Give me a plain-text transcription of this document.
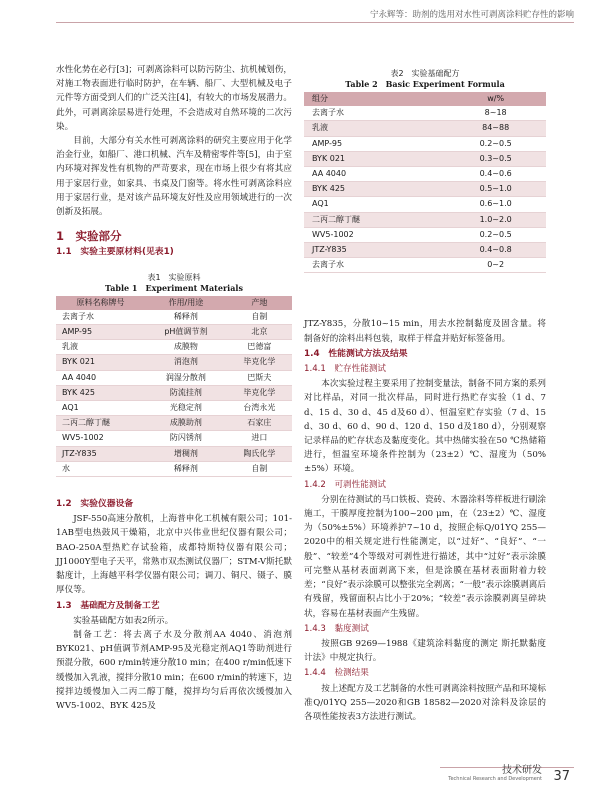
宁永辉等：助剂的选用对水性可剥离涂料贮存性的影响

水性化势在必行[3]；可剥离涂料可以防污防尘、抗机械划伤，对施工物表面进行临时防护，在车辆、船厂、大型机械及电子元件等方面受到人们的广泛关注[4]，有较大的市场发展潜力。此外，可剥离涂层易进行处理，不会造成对自然环境的二次污染。

目前，大部分有关水性可剥离涂料的研究主要应用于化学治金行业，如船厂、港口机械、汽车及精密零件等[5]，由于室内环境对挥发性有机物的严苛要求，现在市场上很少有将其应用于家居行业，如家具、书桌及门窗等。将水性可剥离涂料应用于家居行业，是对该产品环境友好性及应用领域进行的一次创新及拓展。

1　实验部分
1.1　实验主要原材料(见表1)
表1　实验原料
Table 1　Experiment Materials
原料名称牌号	作用/用途	产地
去离子水	稀释剂	自制
AMP-95	pH值调节剂	北京
乳液	成膜物	巴德富
BYK 021	消泡剂	毕克化学
AA 4040	润湿分散剂	巴斯夫
BYK 425	防流挂剂	毕克化学
AQ1	光稳定剂	台湾永光
二丙二醇丁醚	成膜助剂	石家庄
WV5-1002	防闪锈剂	进口
JTZ-Y835	增稠剂	陶氏化学
水	稀释剂	自制
1.2　实验仪器设备

JSF-550高速分散机，上海普申化工机械有限公司；101-1AB型电热鼓风干燥箱，北京中兴伟业世纪仪器有限公司；BAO-250A型热贮存试验箱，成都特斯特仪器有限公司；JJ1000Y型电子天平，常熟市双杰测试仪器厂；STM-V斯托默黏度计，上海越平科学仪器有限公司；调刀、铜尺、镊子、膜厚仪等。

1.3　基础配方及制备工艺

实验基础配方如表2所示。

制备工艺：将去离子水及分散剂AA 4040、消泡剂BYK021、pH值调节剂AMP-95及光稳定剂AQ1等助剂进行预混分散，600 r/min转速分散10 min；在400 r/min低速下缓慢加入乳液，搅拌分散10 min；在600 r/min的转速下，边搅拌边缓慢加入二丙二醇丁醚，搅拌均匀后再依次缓慢加入WV5-1002、BYK 425及

表2　实验基础配方
Table 2　Basic Experiment Formula
组分	w/%
去离子水	8~18
乳液	84~88
AMP-95	0.2~0.5
BYK 021	0.3~0.5
AA 4040	0.4~0.6
BYK 425	0.5~1.0
AQ1	0.6~1.0
二丙二醇丁醚	1.0~2.0
WV5-1002	0.2~0.5
JTZ-Y835	0.4~0.8
去离子水	0~2

JTZ-Y835，分散10~15 min，用去水控制黏度及固含量。将制备好的涂料出料包装，取样于样盒并贴好标签备用。

1.4　性能测试方法及结果
1.4.1　贮存性能测试

本次实验过程主要采用了控制变量法，制备不同方案的系列对比样品，对同一批次样品，同时进行热贮存实验（1 d、7 d、15 d、30 d、45 d及60 d）、恒温室贮存实验（7 d、15 d、30 d、60 d、90 d、120 d、150 d及180 d），分别观察记录样品的贮存状态及黏度变化。其中热储实验在50 ℃热储箱进行，恒温室环境条件控制为（23±2）℃、湿度为（50%±5%）环境。

1.4.2　可剥性能测试

分别在待测试的马口铁板、瓷砖、木器涂料等样板进行刷涂施工，干膜厚度控制为100~200 μm，在（23±2）℃、湿度为（50%±5%）环境养护7~10 d，按照企标Q/01YQ 255—2020中的相关规定进行性能测定，以“过好”、“良好”、“一般”、“较差”4个等级对可剥性进行描述，其中“过好”表示涂膜可完整从基材表面剥离下来，但是涂膜在基材表面附着力较差；“良好”表示涂膜可以整张完全剥离；“一般”表示涂膜剥离后有残留，残留面积占比小于20%；“较差”表示涂膜剥离呈碎块状，容易在基材表面产生残留。

1.4.3　黏度测试

按照GB 9269—1988《建筑涂料黏度的测定 斯托默黏度计法》中规定执行。

1.4.4　检测结果

按上述配方及工艺制备的水性可剥离涂料按照产品和环境标准Q/01YQ 255—2020和GB 18582—2020对涂料及涂层的各项性能按表3方法进行测试。

技术研发
Technical Research and Development 37
